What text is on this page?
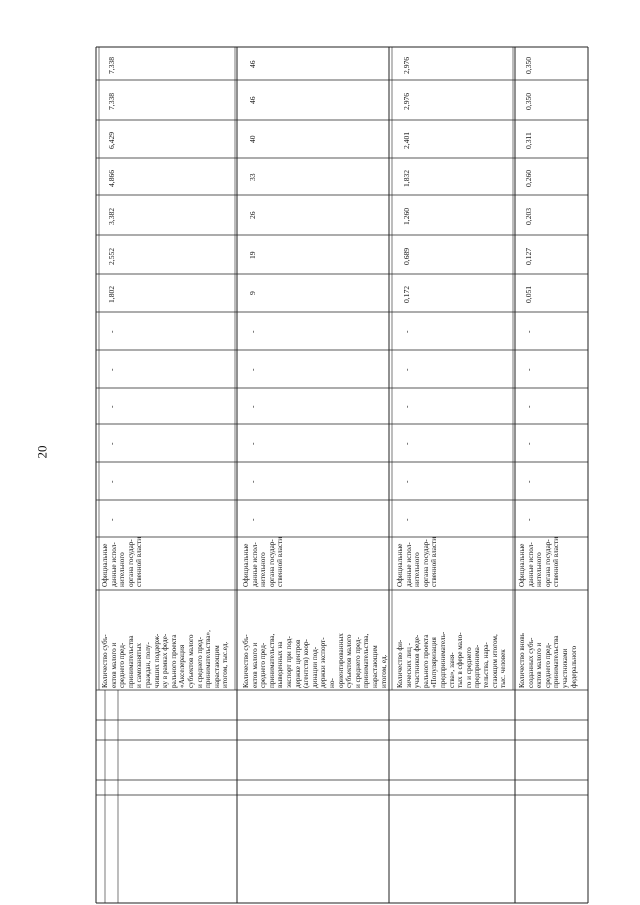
20
Количество субъ-
ектов малого и
среднего пред-
принимательства
и самозанятых
граждан, полу-
чивших поддерж-
ку в рамках феде-
рального проекта
«Акселерация
субъектов малого
и среднего пред-
принимательства»,
нарастающим
итогом, тыс.ед.
Официальные
данные испол-
нительного
органа государ-
ственной власти
-
-
-
-
-
-
1,802
2,552
3,382
4,866
6,429
7,338
7,338
Количество субъ-
ектов малого и
среднего пред-
принимательства,
выведенных на
экспорт при под-
держке центров
(агентств) коор-
динации под-
держки экспорт-
но-
ориентированных
субъектов малого
и среднего пред-
принимательства,
нарастающим
итогом, ед.
Официальные
данные испол-
нительного
органа государ-
ственной власти
-
-
-
-
-
-
9
19
26
33
40
46
46
Количество фи-
зических лиц -
участников феде-
рального проекта
«Популяризация
предприниматель-
ства», заня-
тых в сфере мало-
го и среднего
предпринима-
тельства, нара-
стающим итогом,
тыс. человек
Официальные
данные испол-
нительного
органа государ-
ственной власти
-
-
-
-
-
-
0,172
0,689
1,260
1,832
2,401
2,976
2,976
Количество вновь
созданных субъ-
ектов малого и
среднего пред-
принимательства
участниками
федерального
Официальные
данные испол-
нительного
органа государ-
ственной власти
-
-
-
-
-
-
0,051
0,127
0,203
0,260
0,311
0,350
0,350
